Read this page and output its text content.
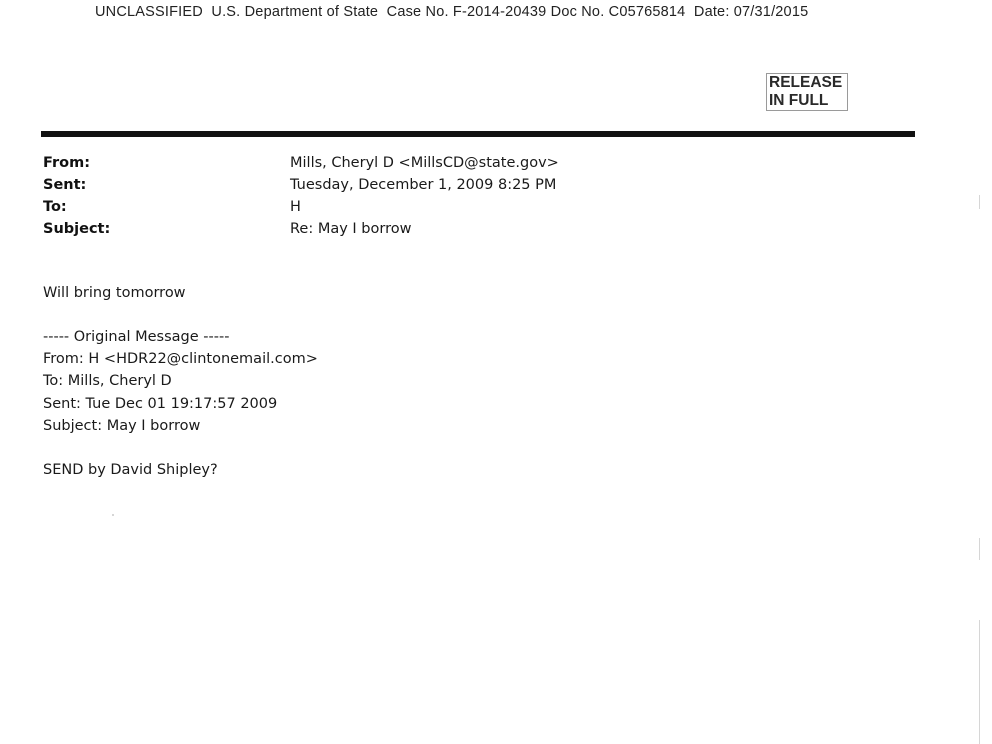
UNCLASSIFIED  U.S. Department of State  Case No. F-2014-20439 Doc No. C05765814  Date: 07/31/2015
RELEASE
IN FULL
From:	Mills, Cheryl D <MillsCD@state.gov>
Sent:	Tuesday, December 1, 2009 8:25 PM
To:	H
Subject:	Re: May I borrow
Will bring tomorrow
----- Original Message -----
From: H <HDR22@clintonemail.com>
To: Mills, Cheryl D
Sent: Tue Dec 01 19:17:57 2009
Subject: May I borrow
SEND by David Shipley?
